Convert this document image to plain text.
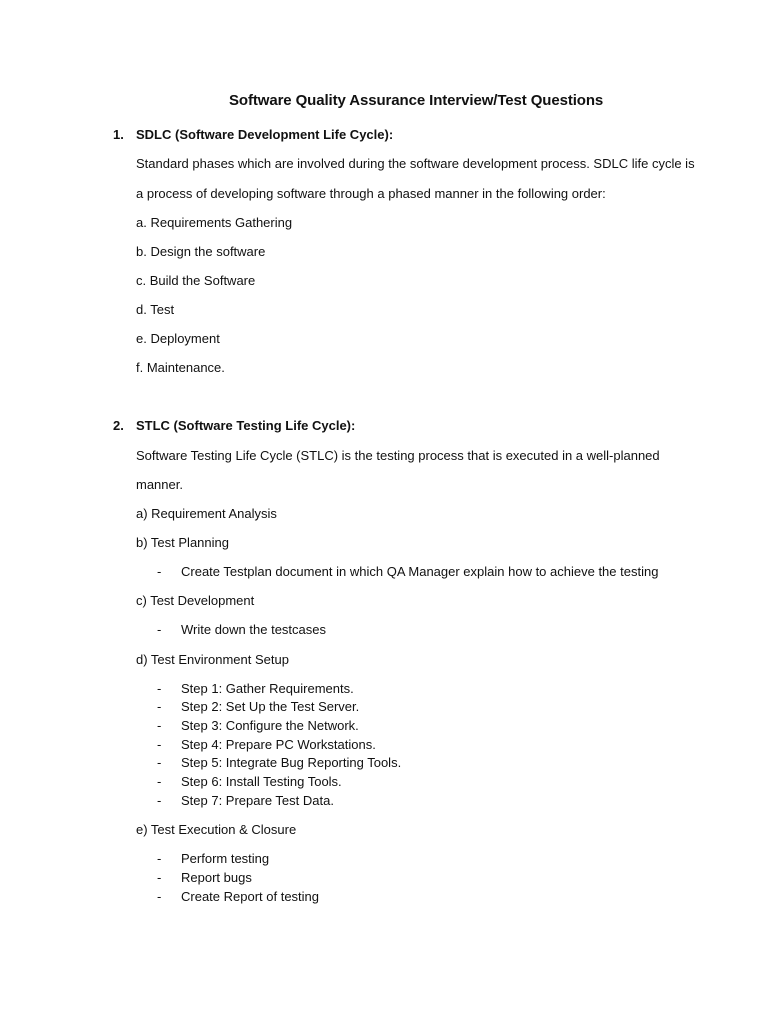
Software Quality Assurance Interview/Test Questions
1. SDLC (Software Development Life Cycle):
Standard phases which are involved during the software development process. SDLC life cycle is
a process of developing software through a phased manner in the following order:
a. Requirements Gathering
b. Design the software
c. Build the Software
d. Test
e. Deployment
f. Maintenance.
2. STLC (Software Testing Life Cycle):
Software Testing Life Cycle (STLC) is the testing process that is executed in a well-planned
manner.
a) Requirement Analysis
b) Test Planning
- Create Testplan document in which QA Manager explain how to achieve the testing
c) Test Development
- Write down the testcases
d) Test Environment Setup
- Step 1: Gather Requirements.
- Step 2: Set Up the Test Server.
- Step 3: Configure the Network.
- Step 4: Prepare PC Workstations.
- Step 5: Integrate Bug Reporting Tools.
- Step 6: Install Testing Tools.
- Step 7: Prepare Test Data.
e) Test Execution & Closure
- Perform testing
- Report bugs
- Create Report of testing
